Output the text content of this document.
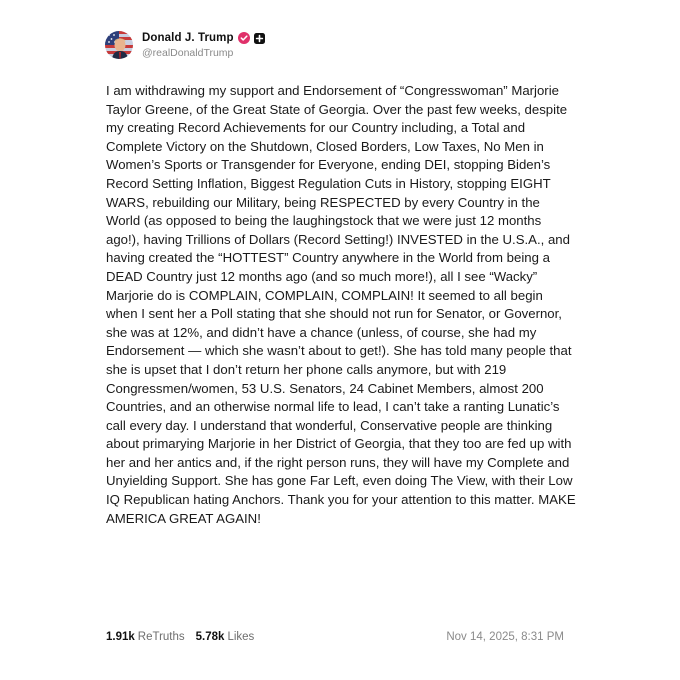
Donald J. Trump
@realDonaldTrump
I am withdrawing my support and Endorsement of “Congresswoman” Marjorie Taylor Greene, of the Great State of Georgia. Over the past few weeks, despite my creating Record Achievements for our Country including, a Total and Complete Victory on the Shutdown, Closed Borders, Low Taxes, No Men in Women’s Sports or Transgender for Everyone, ending DEI, stopping Biden’s Record Setting Inflation, Biggest Regulation Cuts in History, stopping EIGHT WARS, rebuilding our Military, being RESPECTED by every Country in the World (as opposed to being the laughingstock that we were just 12 months ago!), having Trillions of Dollars (Record Setting!) INVESTED in the U.S.A., and having created the “HOTTEST” Country anywhere in the World from being a DEAD Country just 12 months ago (and so much more!), all I see “Wacky” Marjorie do is COMPLAIN, COMPLAIN, COMPLAIN! It seemed to all begin when I sent her a Poll stating that she should not run for Senator, or Governor, she was at 12%, and didn’t have a chance (unless, of course, she had my Endorsement — which she wasn’t about to get!). She has told many people that she is upset that I don’t return her phone calls anymore, but with 219 Congressmen/women, 53 U.S. Senators, 24 Cabinet Members, almost 200 Countries, and an otherwise normal life to lead, I can’t take a ranting Lunatic’s call every day. I understand that wonderful, Conservative people are thinking about primarying Marjorie in her District of Georgia, that they too are fed up with her and her antics and, if the right person runs, they will have my Complete and Unyielding Support. She has gone Far Left, even doing The View, with their Low IQ Republican hating Anchors. Thank you for your attention to this matter. MAKE AMERICA GREAT AGAIN!
1.91k ReTruths 5.78k Likes	Nov 14, 2025, 8:31 PM
